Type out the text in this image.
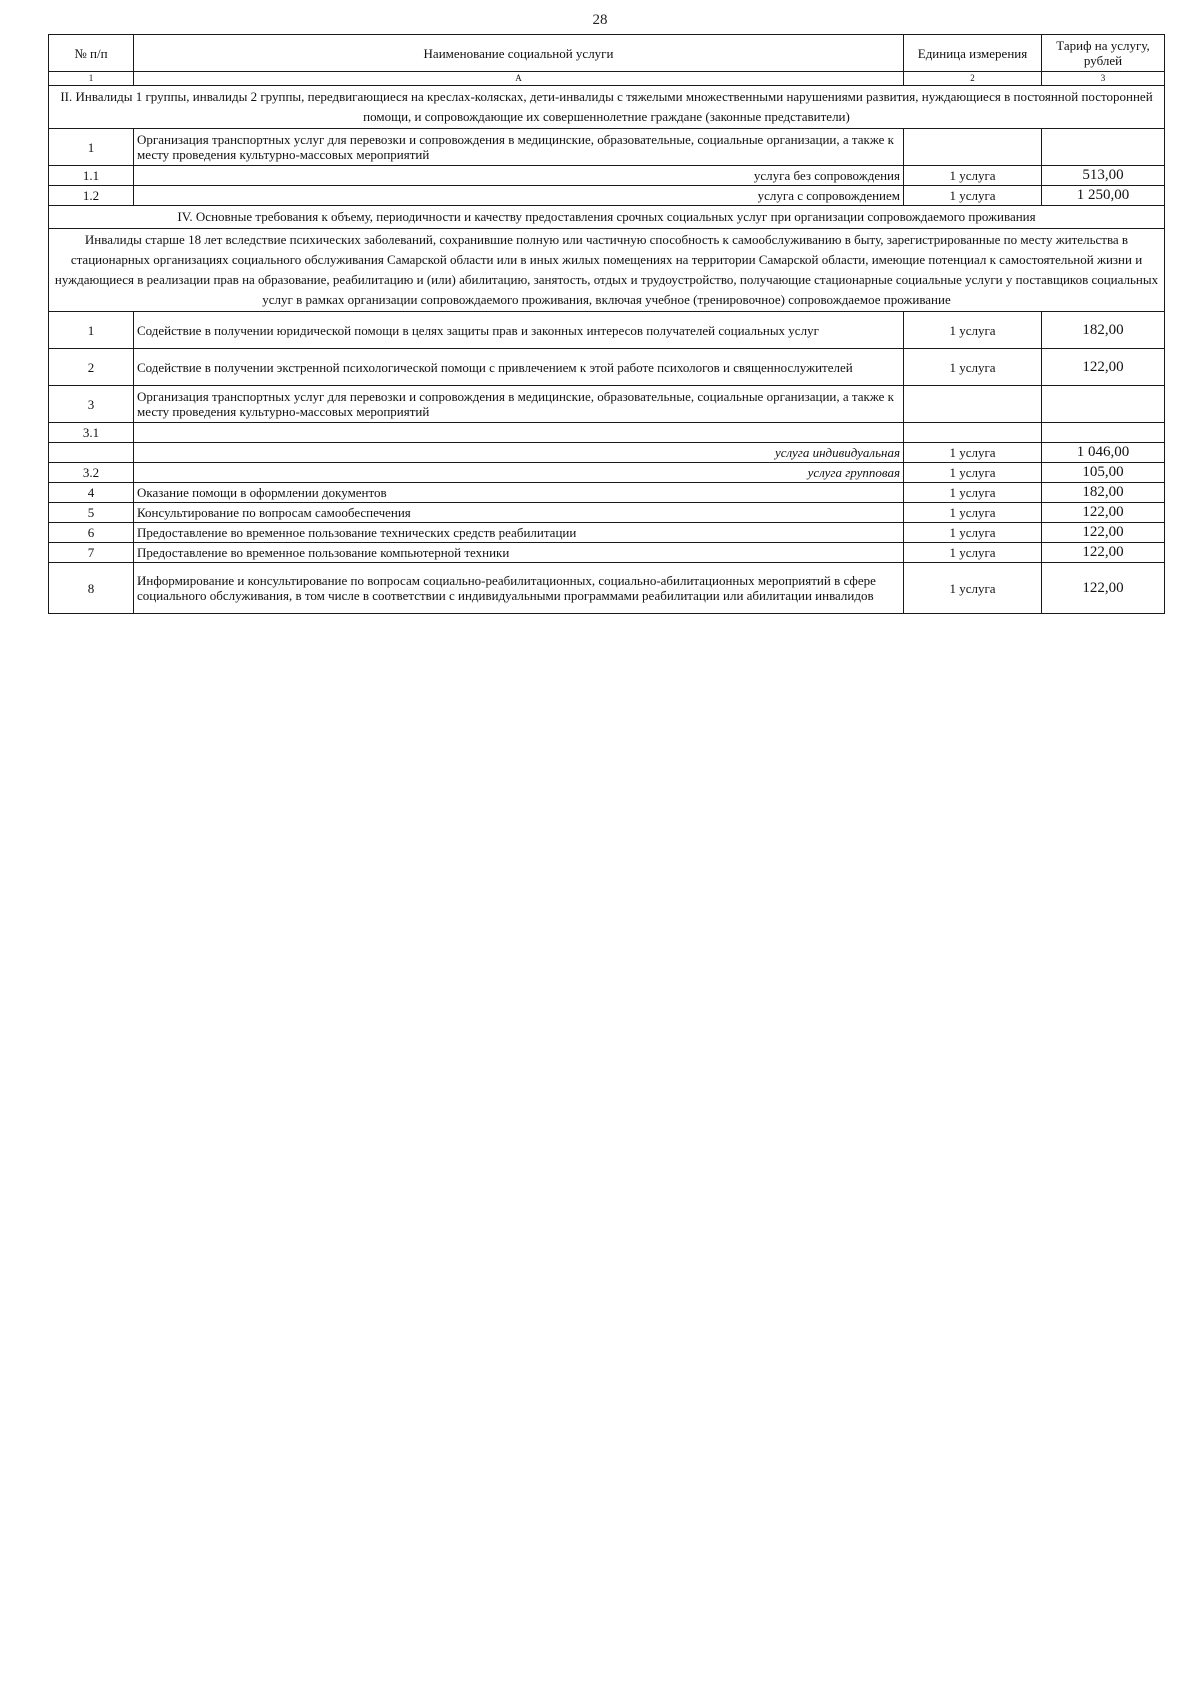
28
№ п/п	Наименование социальной услуги	Единица измерения	Тариф на услугу, рублей
1	А	2	3
II. Инвалиды 1 группы, инвалиды 2 группы, передвигающиеся на креслах-колясках, дети-инвалиды с тяжелыми множественными нарушениями развития, нуждающиеся в постоянной посторонней помощи, и сопровождающие их совершеннолетние граждане (законные представители)			
1	Организация транспортных услуг для перевозки и сопровождения в медицинские, образовательные, социальные организации, а также к месту проведения культурно-массовых мероприятий		
1.1	услуга без сопровождения	1 услуга	513,00
1.2	услуга с сопровождением	1 услуга	1 250,00
IV. Основные требования к объему, периодичности и качеству предоставления срочных социальных услуг при организации сопровождаемого проживания			
Инвалиды старше 18 лет вследствие психических заболеваний, сохранившие полную или частичную способность к самообслуживанию в быту, зарегистрированные по месту жительства в стационарных организациях социального обслуживания Самарской области или в иных жилых помещениях на территории Самарской области, имеющие потенциал к самостоятельной жизни и нуждающиеся в реализации прав на образование, реабилитацию и (или) абилитацию, занятость, отдых и трудоустройство, получающие стационарные социальные услуги у поставщиков социальных услуг в рамках организации сопровождаемого проживания, включая учебное (тренировочное) сопровождаемое проживание			
1	Содействие в получении юридической помощи в целях защиты прав и законных интересов получателей социальных услуг	1 услуга	182,00
2	Содействие в получении экстренной психологической помощи с привлечением к этой работе психологов и священнослужителей	1 услуга	122,00
3	Организация транспортных услуг для перевозки и сопровождения в медицинские, образовательные, социальные организации, а также к месту проведения культурно-массовых мероприятий		
3.1			
	услуга индивидуальная	1 услуга	1 046,00
3.2	услуга групповая	1 услуга	105,00
4	Оказание помощи в оформлении документов	1 услуга	182,00
5	Консультирование по вопросам самообеспечения	1 услуга	122,00
6	Предоставление во временное пользование технических средств реабилитации	1 услуга	122,00
7	Предоставление во временное пользование компьютерной техники	1 услуга	122,00
8	Информирование и консультирование по вопросам социально-реабилитационных, социально-абилитационных мероприятий в сфере социального обслуживания, в том числе в соответствии с индивидуальными программами реабилитации или абилитации инвалидов	1 услуга	122,00
